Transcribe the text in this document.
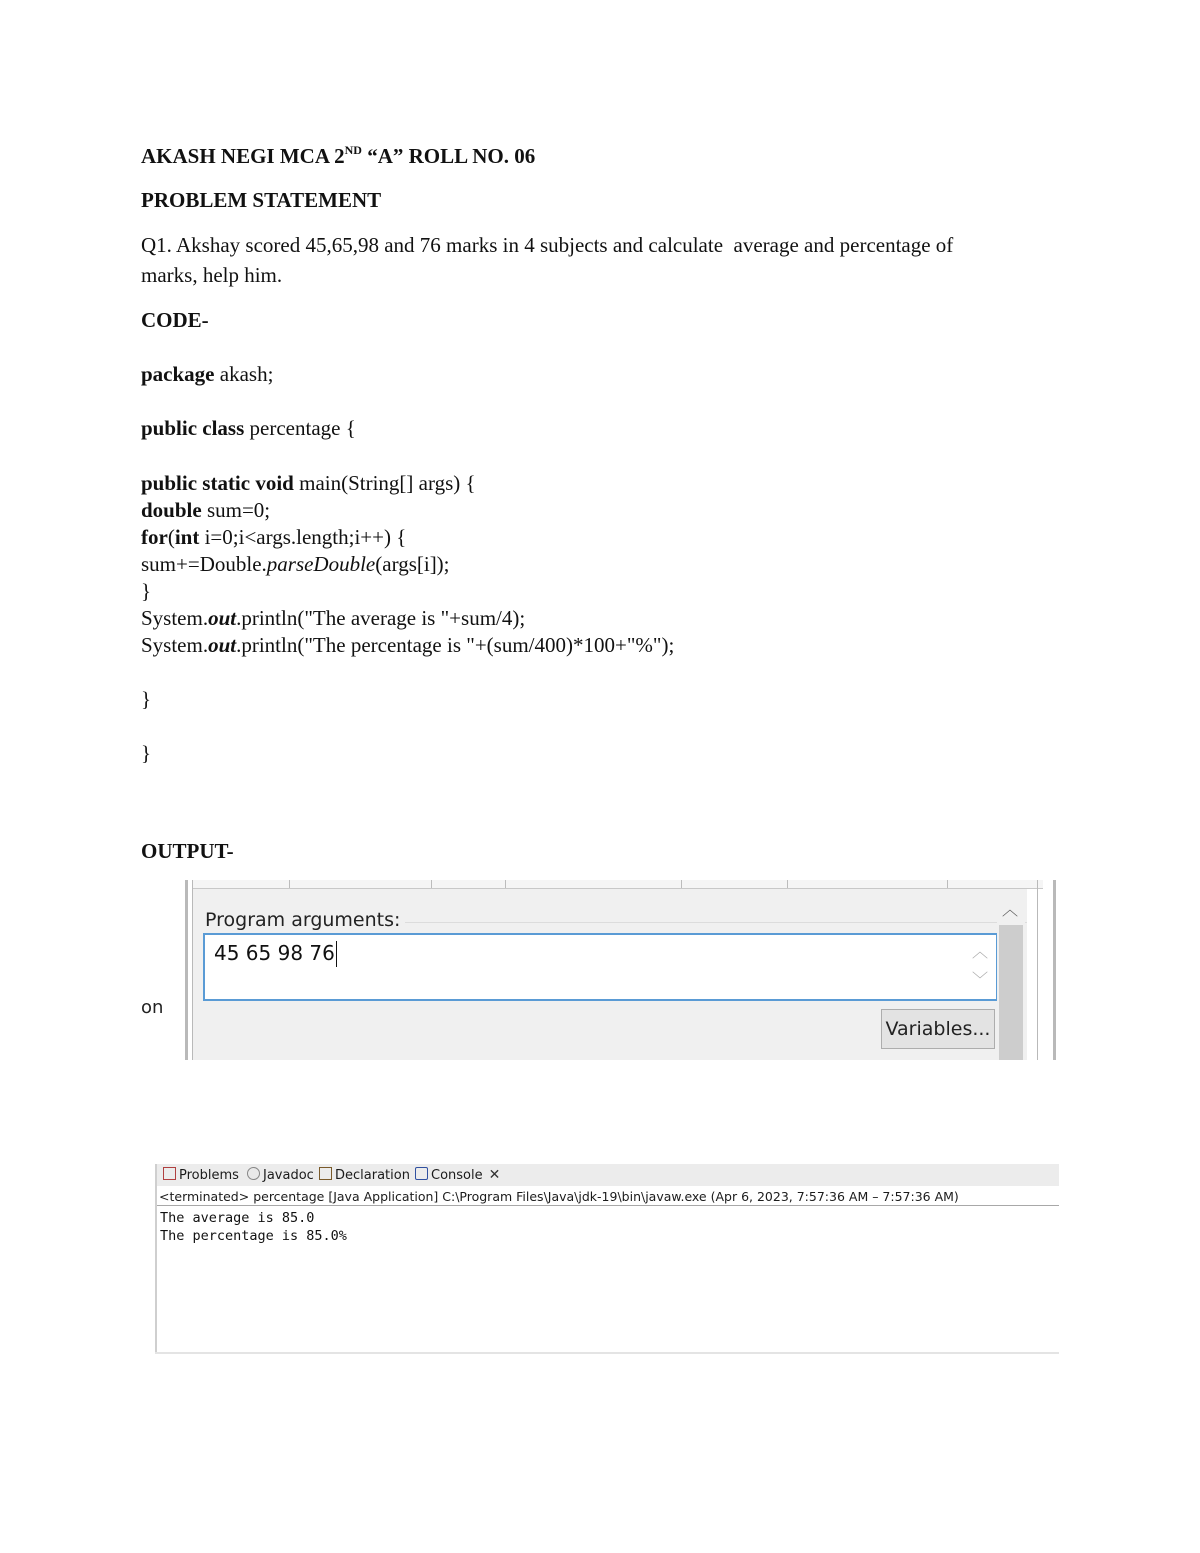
AKASH NEGI MCA 2ND “A” ROLL NO. 06
PROBLEM STATEMENT
Q1. Akshay scored 45,65,98 and 76 marks in 4 subjects and calculate  average and percentage of
marks, help him.
CODE-
package akash;
public class percentage {
public static void main(String[] args) {
double sum=0;
for(int i=0;i<args.length;i++) {
sum+=Double.parseDouble(args[i]);
}
System.out.println("The average is "+sum/4);
System.out.println("The percentage is "+(sum/400)*100+"%");
}
}
OUTPUT-
on
Program arguments:
45 65 98 76	︿
﹀
Variables...
︿
Problems	Javadoc	Declaration	Console ✕
<terminated> percentage [Java Application] C:\Program Files\Java\jdk-19\bin\javaw.exe (Apr 6, 2023, 7:57:36 AM – 7:57:36 AM)
The average is 85.0
The percentage is 85.0%
